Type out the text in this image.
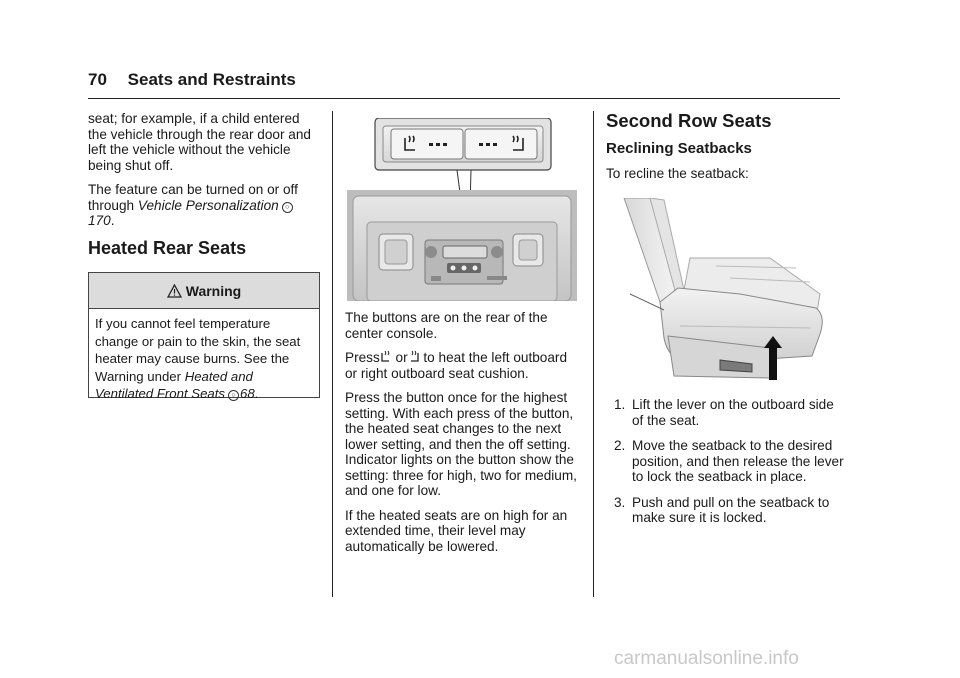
70 Seats and Restraints

seat; for example, if a child entered the vehicle through the rear door and left the vehicle without the vehicle being shut off.

The feature can be turned on or off through Vehicle Personalization ○170.

Heated Rear Seats
Warning
If you cannot feel temperature change or pain to the skin, the seat heater may cause burns. See the Warning under Heated and Ventilated Front Seats ○ 68.

The buttons are on the rear of the center console.

Press or to heat the left outboard or right outboard seat cushion.

Press the button once for the highest setting. With each press of the button, the heated seat changes to the next lower setting, and then the off setting. Indicator lights on the button show the setting: three for high, two for medium, and one for low.

If the heated seats are on high for an extended time, their level may automatically be lowered.

Second Row Seats
Reclining Seatbacks

To recline the seatback:

1. Lift the lever on the outboard side of the seat.
2. Move the seatback to the desired position, and then release the lever to lock the seatback in place.
3. Push and pull on the seatback to make sure it is locked.
carmanualsonline.info
